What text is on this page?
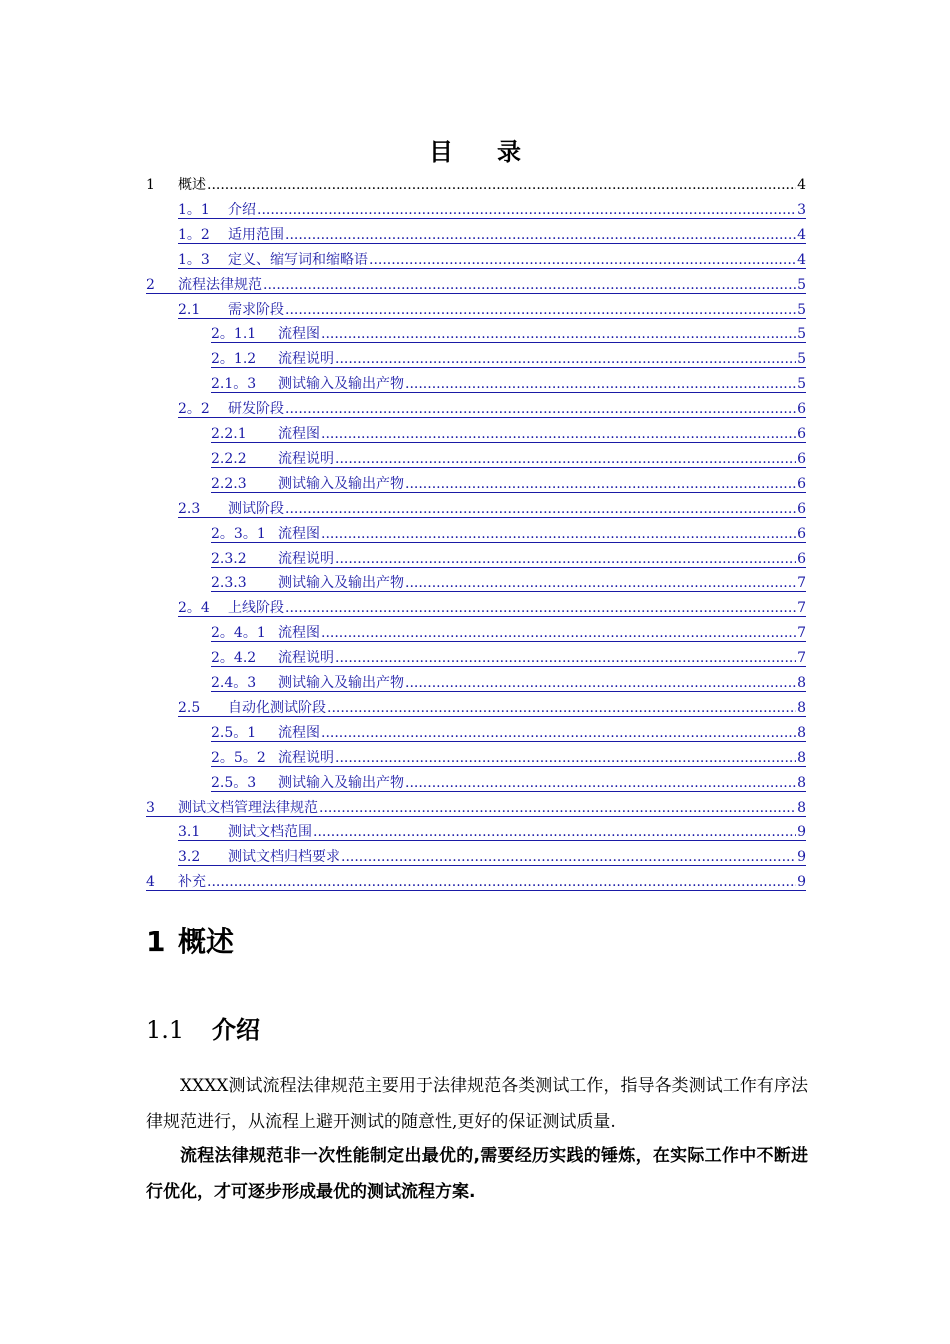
目 录
1	概述 .....	4
1。1	介绍 .....	3
1。2	适用范围 .....	4
1。3	定义、缩写词和缩略语 .....	4
2	流程法律规范 .....	5
2.1	需求阶段 .....	5
2。1.1	流程图 .....	5
2。1.2	流程说明 .....	5
2.1。3	测试输入及输出产物 .....	5
2。2	研发阶段 .....	6
2.2.1	流程图 .....	6
2.2.2	流程说明 .....	6
2.2.3	测试输入及输出产物 .....	6
2.3	测试阶段 .....	6
2。3。1 流程图 .....	6
2.3.2	流程说明 .....	6
2.3.3	测试输入及输出产物 .....	7
2。4	上线阶段 .....	7
2。4。1 流程图 .....	7
2。4.2	流程说明 .....	7
2.4。3	测试输入及输出产物 .....	8
2.5	自动化测试阶段 .....	8
2.5。1	流程图 .....	8
2。5。2 流程说明 .....	8
2.5。3	测试输入及输出产物 .....	8
3	测试文档管理法律规范 .....	8
3.1	测试文档范围 .....	9
3.2	测试文档归档要求 .....	9
4	补充 .....	9
1 概述
1.1 介绍
XXXX测试流程法律规范主要用于法律规范各类测试工作，指导各类测试工作有序法律规范进行，从流程上避开测试的随意性,更好的保证测试质量.
流程法律规范非一次性能制定出最优的,需要经历实践的锤炼，在实际工作中不断进行优化，才可逐步形成最优的测试流程方案.
